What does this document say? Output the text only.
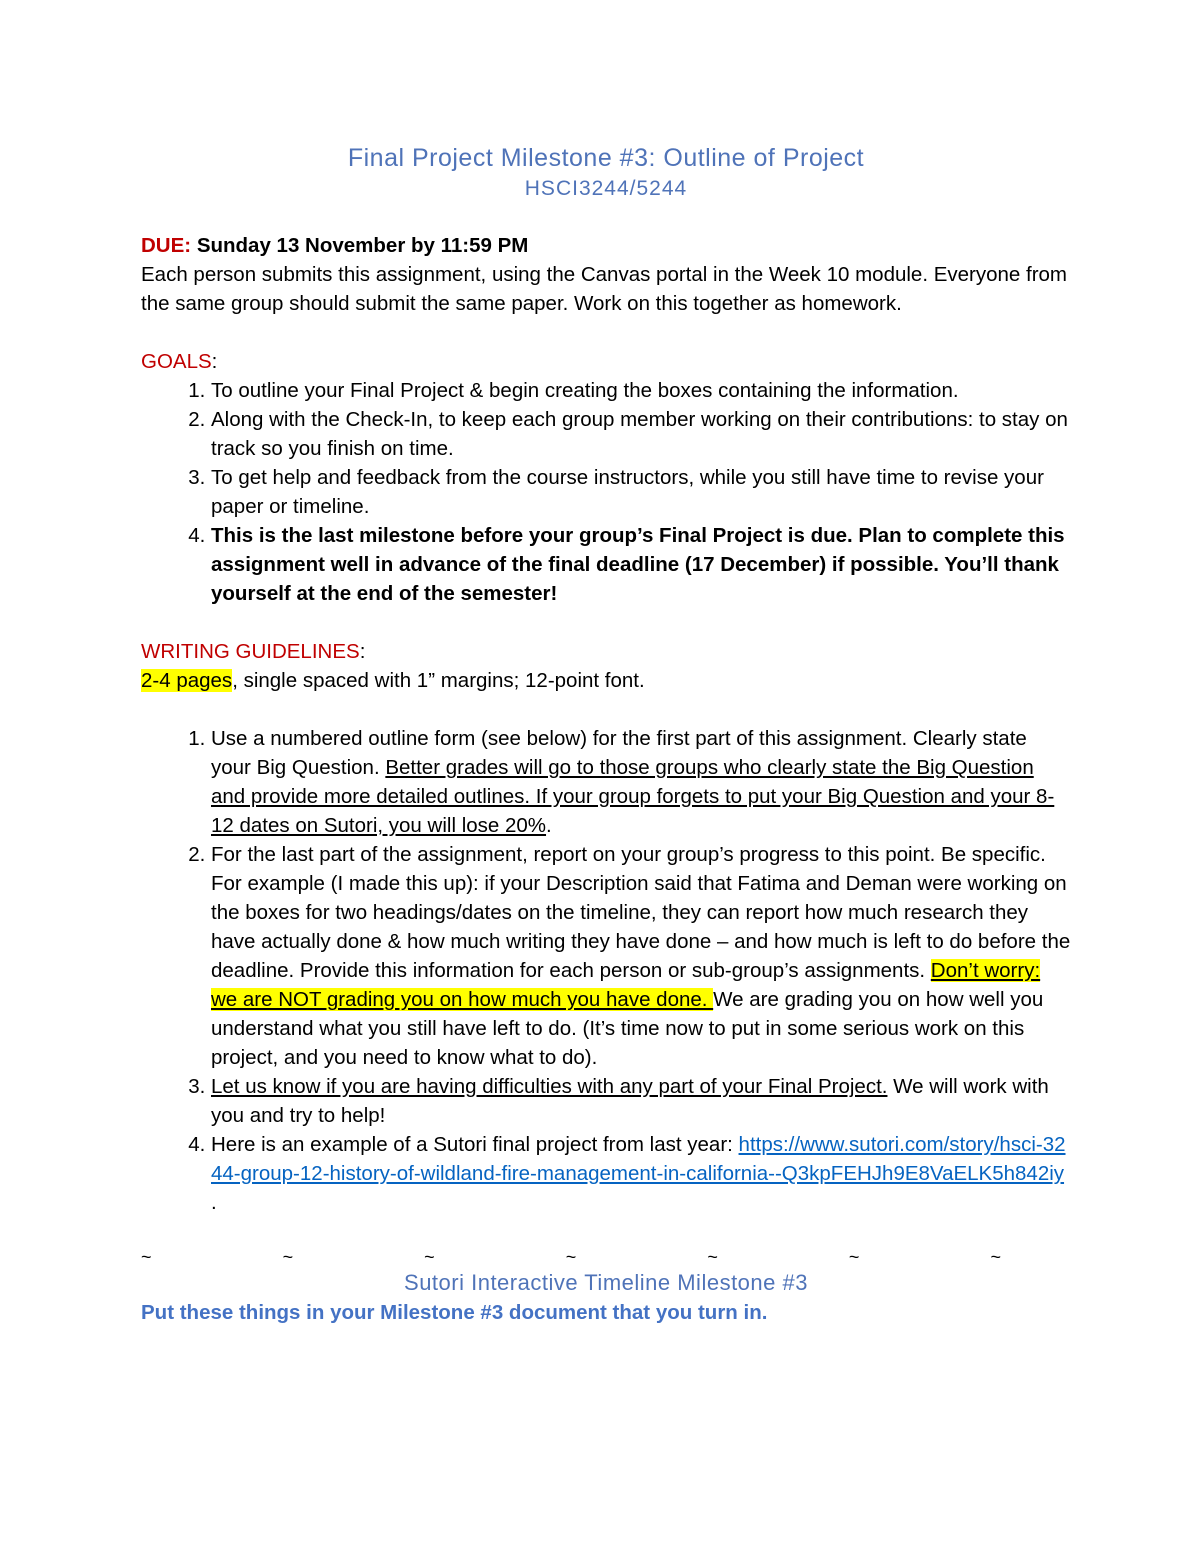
Final Project Milestone #3: Outline of Project
HSCI3244/5244
DUE: Sunday 13 November by 11:59 PM
Each person submits this assignment, using the Canvas portal in the Week 10 module. Everyone from the same group should submit the same paper. Work on this together as homework.
GOALS:
1. To outline your Final Project & begin creating the boxes containing the information.
2. Along with the Check-In, to keep each group member working on their contributions: to stay on track so you finish on time.
3. To get help and feedback from the course instructors, while you still have time to revise your paper or timeline.
4. This is the last milestone before your group’s Final Project is due. Plan to complete this assignment well in advance of the final deadline (17 December) if possible. You’ll thank yourself at the end of the semester!
WRITING GUIDELINES:
2-4 pages, single spaced with 1” margins; 12-point font.
1. Use a numbered outline form (see below) for the first part of this assignment. Clearly state your Big Question. Better grades will go to those groups who clearly state the Big Question and provide more detailed outlines. If your group forgets to put your Big Question and your 8-12 dates on Sutori, you will lose 20%.
2. For the last part of the assignment, report on your group’s progress to this point. Be specific. For example (I made this up): if your Description said that Fatima and Deman were working on the boxes for two headings/dates on the timeline, they can report how much research they have actually done & how much writing they have done – and how much is left to do before the deadline. Provide this information for each person or sub-group’s assignments. Don’t worry: we are NOT grading you on how much you have done. We are grading you on how well you understand what you still have left to do. (It’s time now to put in some serious work on this project, and you need to know what to do).
3. Let us know if you are having difficulties with any part of your Final Project. We will work with you and try to help!
4. Here is an example of a Sutori final project from last year: https://www.sutori.com/story/hsci-3244-group-12-history-of-wildland-fire-management-in-california--Q3kpFEHJh9E8VaELK5h842iy .
~	~	~	~	~	~	~
Sutori Interactive Timeline Milestone #3
Put these things in your Milestone #3 document that you turn in.
